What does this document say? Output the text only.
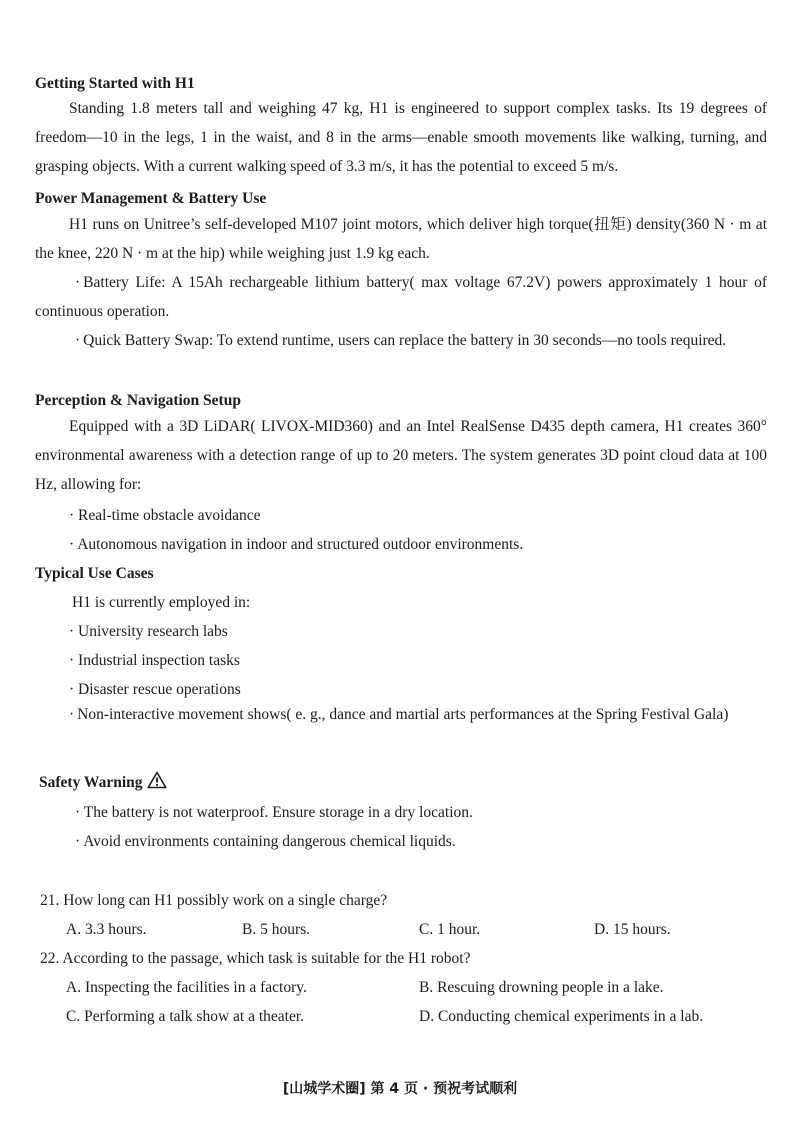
Getting Started with H1
Standing 1.8 meters tall and weighing 47 kg, H1 is engineered to support complex tasks. Its 19 degrees of freedom—10 in the legs, 1 in the waist, and 8 in the arms—enable smooth movements like walking, turning, and grasping objects. With a current walking speed of 3.3 m/s, it has the potential to exceed 5 m/s.
Power Management & Battery Use
H1 runs on Unitree’s self-developed M107 joint motors, which deliver high torque(扭矩) density(360 N · m at the knee, 220 N · m at the hip) while weighing just 1.9 kg each.
· Battery Life: A 15Ah rechargeable lithium battery( max voltage 67.2V) powers approximately 1 hour of continuous operation.
· Quick Battery Swap: To extend runtime, users can replace the battery in 30 seconds—no tools required.
Perception & Navigation Setup
Equipped with a 3D LiDAR( LIVOX-MID360) and an Intel RealSense D435 depth camera, H1 creates 360° environmental awareness with a detection range of up to 20 meters. The system generates 3D point cloud data at 100 Hz, allowing for:
· Real-time obstacle avoidance
· Autonomous navigation in indoor and structured outdoor environments.
Typical Use Cases
H1 is currently employed in:
· University research labs
· Industrial inspection tasks
· Disaster rescue operations
· Non-interactive movement shows( e. g., dance and martial arts performances at the Spring Festival Gala)
Safety Warning
· The battery is not waterproof. Ensure storage in a dry location.
· Avoid environments containing dangerous chemical liquids.
21. How long can H1 possibly work on a single charge?
A. 3.3 hours.	B. 5 hours.	C. 1 hour.	D. 15 hours.
22. According to the passage, which task is suitable for the H1 robot?
A. Inspecting the facilities in a factory.	B. Rescuing drowning people in a lake.
C. Performing a talk show at a theater.	D. Conducting chemical experiments in a lab.
[山城学术圈] 第 4 页 · 预祝考试顺利
